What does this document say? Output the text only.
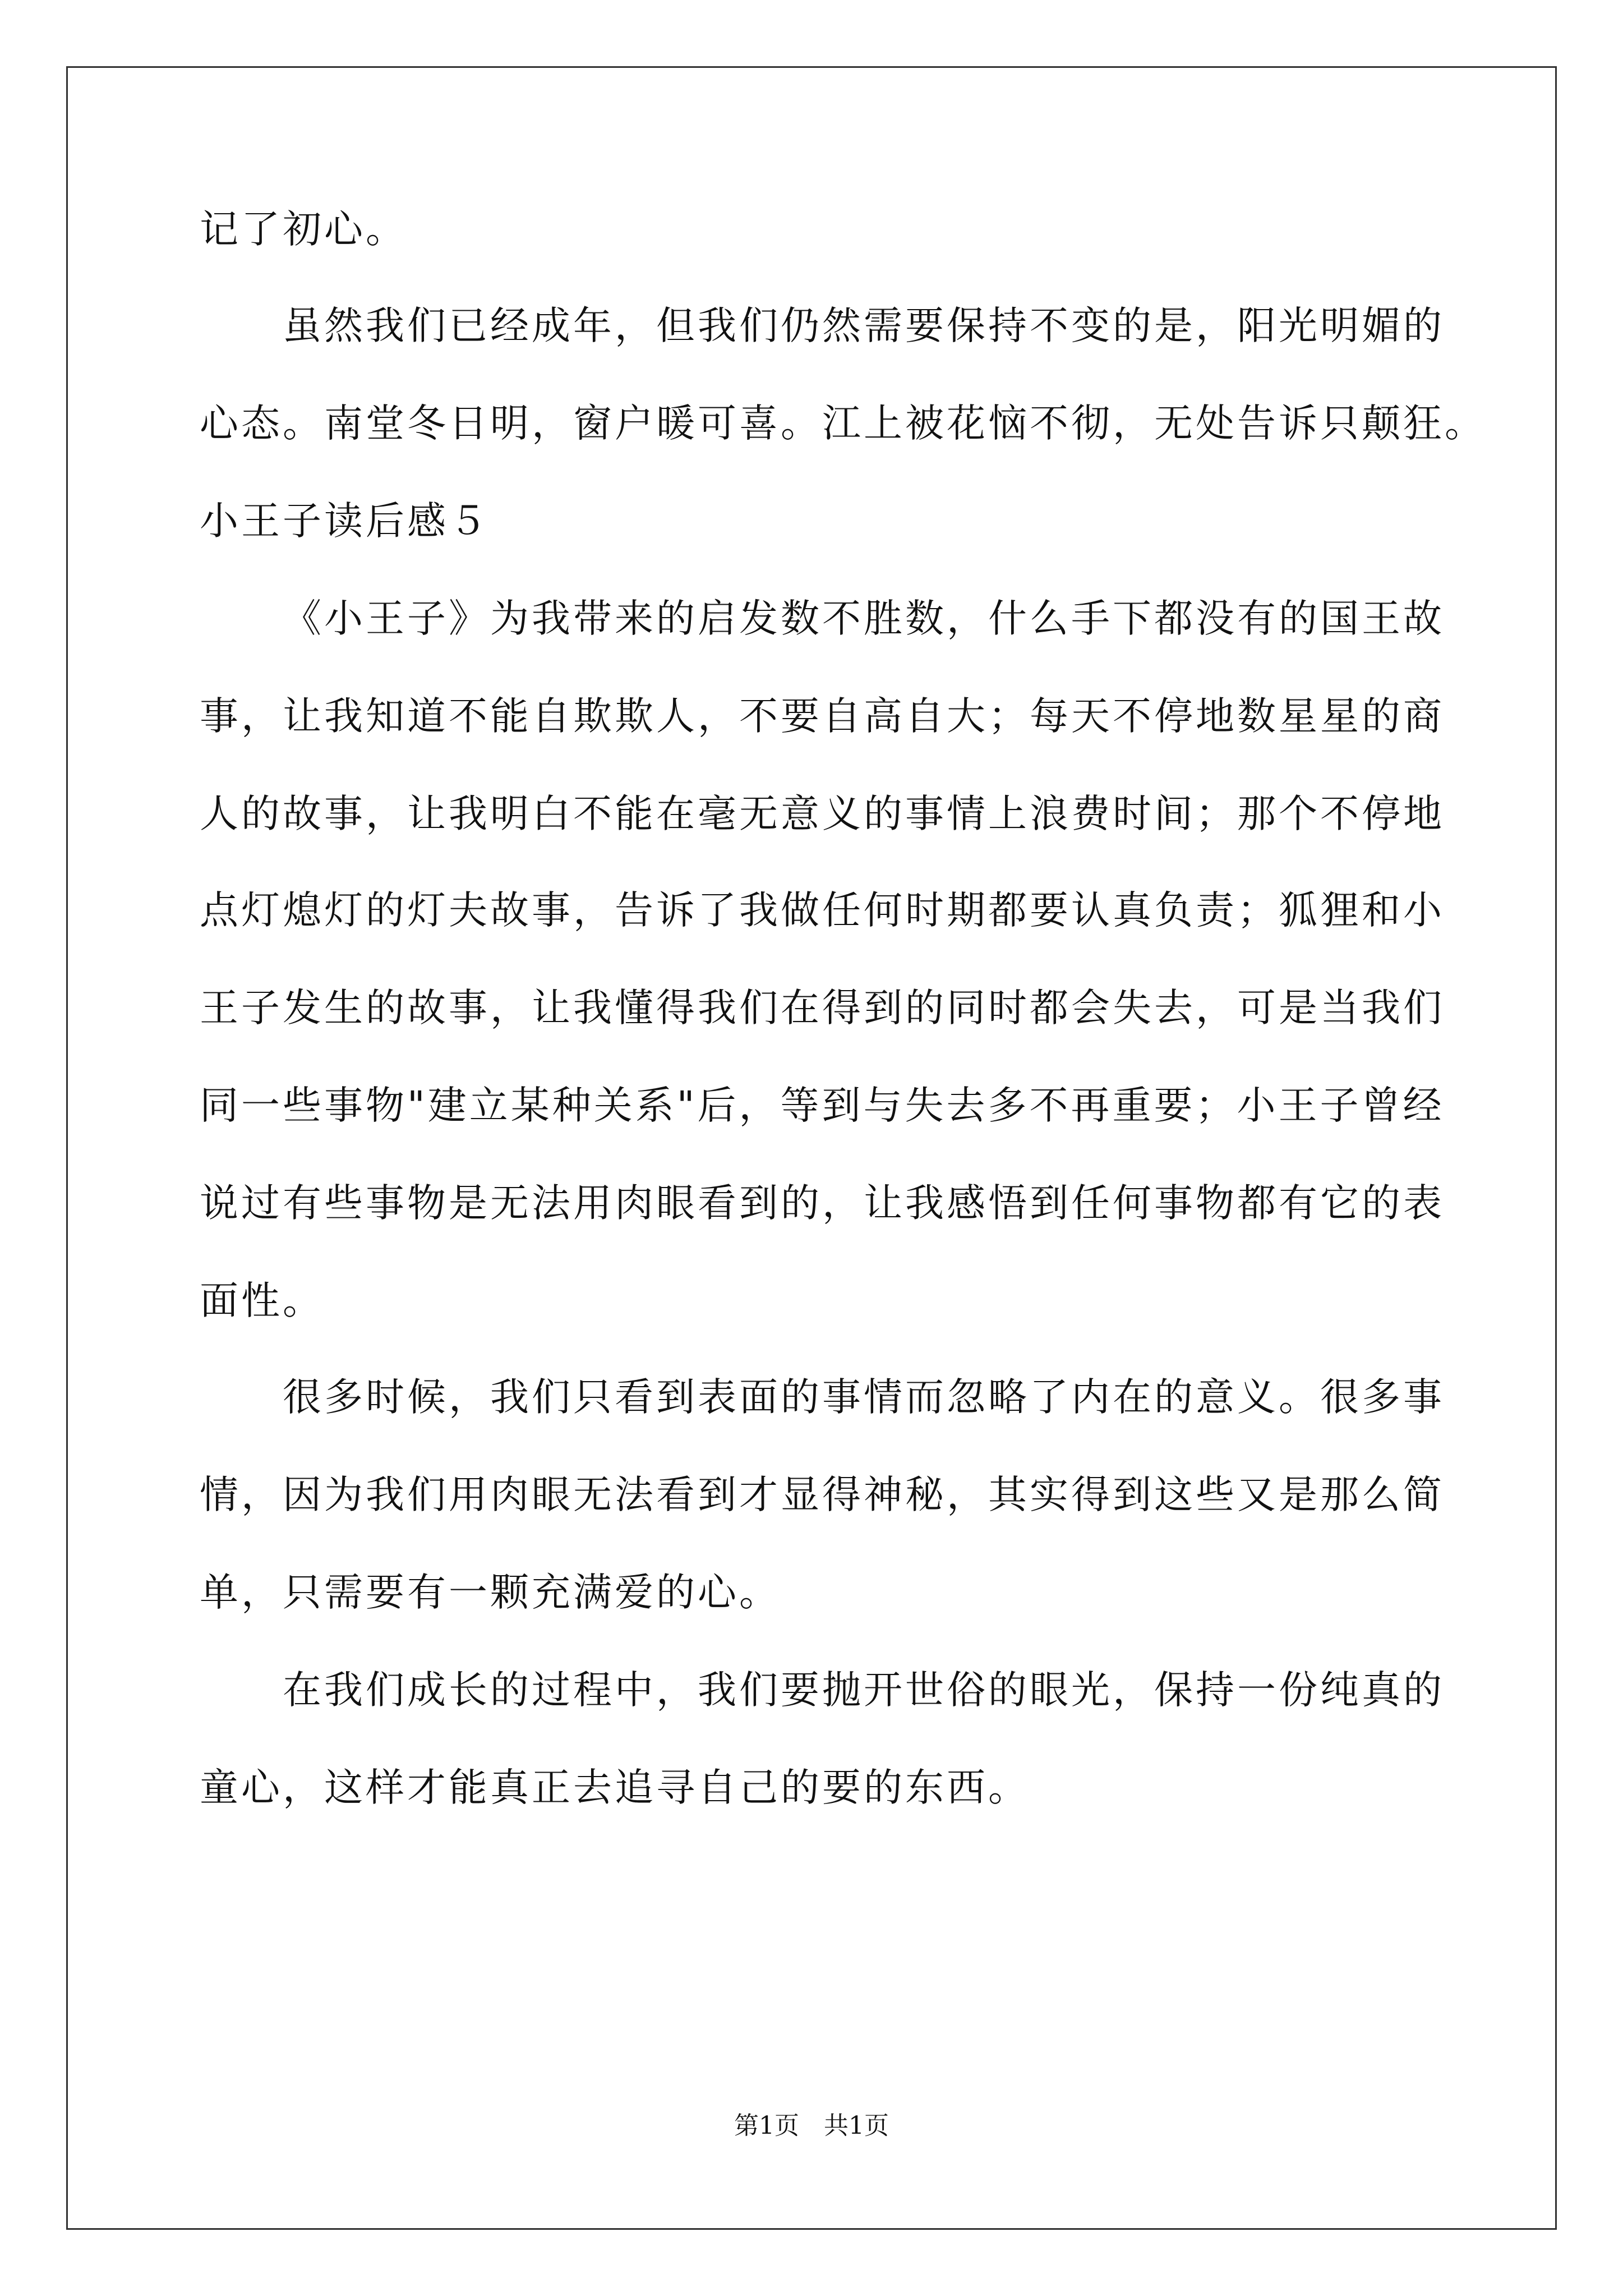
记了初心。
虽然我们已经成年，但我们仍然需要保持不变的是，阳光明媚的
心态。南堂冬日明，窗户暖可喜。江上被花恼不彻，无处告诉只颠狂。
小王子读后感５
《小王子》为我带来的启发数不胜数，什么手下都没有的国王故
事，让我知道不能自欺欺人，不要自高自大；每天不停地数星星的商
人的故事，让我明白不能在毫无意义的事情上浪费时间；那个不停地
点灯熄灯的灯夫故事，告诉了我做任何时期都要认真负责；狐狸和小
王子发生的故事，让我懂得我们在得到的同时都会失去，可是当我们
同一些事物"建立某种关系"后，等到与失去多不再重要；小王子曾经
说过有些事物是无法用肉眼看到的，让我感悟到任何事物都有它的表
面性。
很多时候，我们只看到表面的事情而忽略了内在的意义。很多事
情，因为我们用肉眼无法看到才显得神秘，其实得到这些又是那么简
单，只需要有一颗充满爱的心。
在我们成长的过程中，我们要抛开世俗的眼光，保持一份纯真的
童心，这样才能真正去追寻自己的要的东西。
第1页　共1页
